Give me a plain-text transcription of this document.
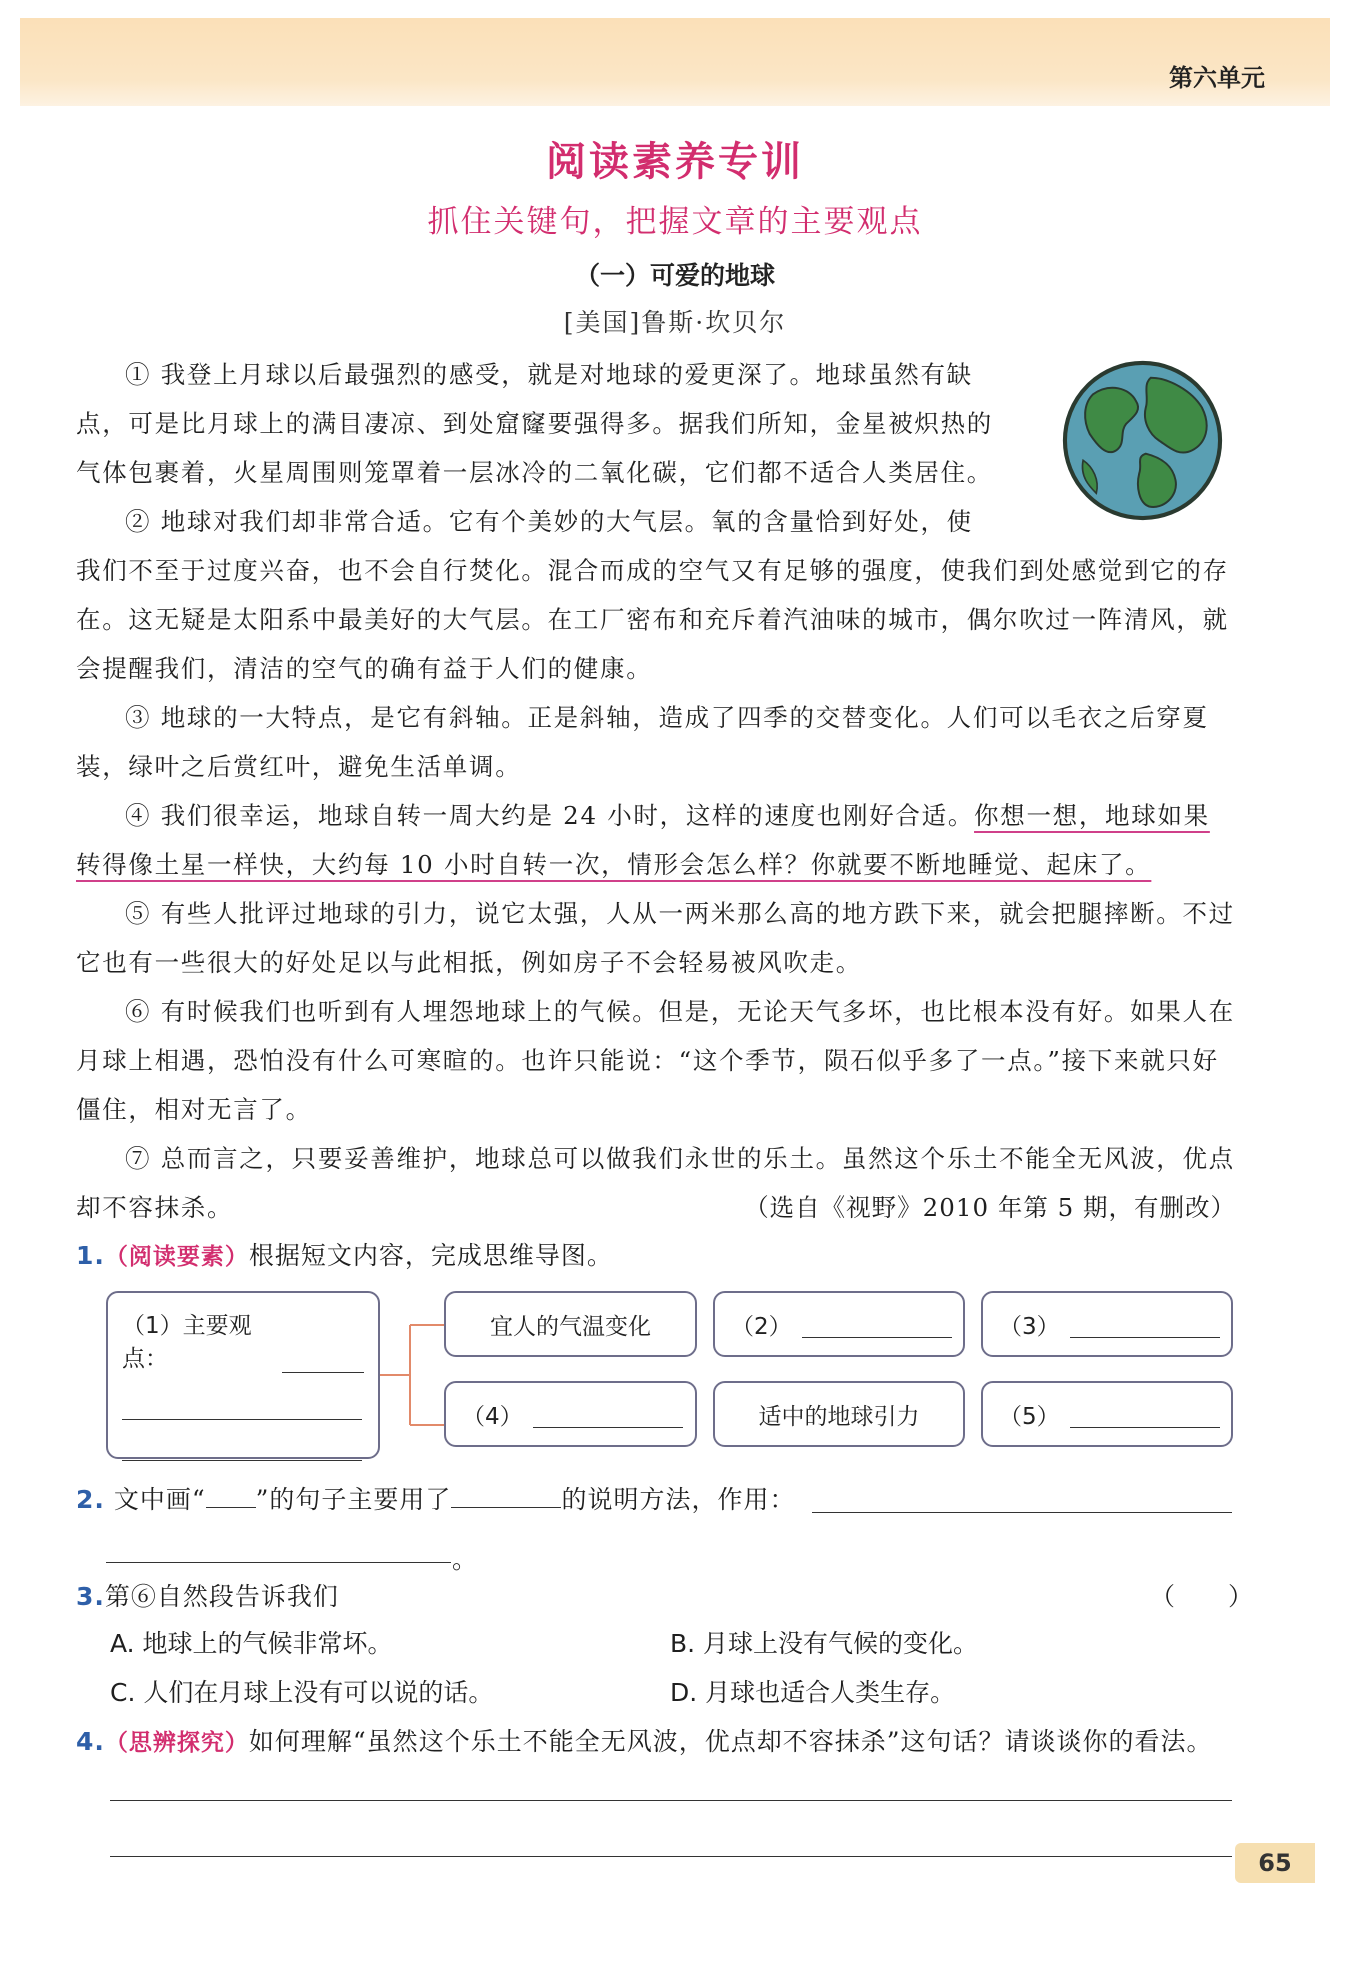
第六单元
阅读素养专训
抓住关键句，把握文章的主要观点
（一）可爱的地球
[美国]鲁斯·坎贝尔

① 我登上月球以后最强烈的感受，就是对地球的爱更深了。地球虽然有缺

点，可是比月球上的满目凄凉、到处窟窿要强得多。据我们所知，金星被炽热的

气体包裹着，火星周围则笼罩着一层冰冷的二氧化碳，它们都不适合人类居住。

② 地球对我们却非常合适。它有个美妙的大气层。氧的含量恰到好处，使

我们不至于过度兴奋，也不会自行焚化。混合而成的空气又有足够的强度，使我们到处感觉到它的存在。这无疑是太阳系中最美好的大气层。在工厂密布和充斥着汽油味的城市，偶尔吹过一阵清风，就会提醒我们，清洁的空气的确有益于人们的健康。

③ 地球的一大特点，是它有斜轴。正是斜轴，造成了四季的交替变化。人们可以毛衣之后穿夏装，绿叶之后赏红叶，避免生活单调。

④ 我们很幸运，地球自转一周大约是 24 小时，这样的速度也刚好合适。你想一想，地球如果转得像土星一样快，大约每 10 小时自转一次，情形会怎么样？你就要不断地睡觉、起床了。

⑤ 有些人批评过地球的引力，说它太强，人从一两米那么高的地方跌下来，就会把腿摔断。不过它也有一些很大的好处足以与此相抵，例如房子不会轻易被风吹走。

⑥ 有时候我们也听到有人埋怨地球上的气候。但是，无论天气多坏，也比根本没有好。如果人在月球上相遇，恐怕没有什么可寒暄的。也许只能说：“这个季节，陨石似乎多了一点。”接下来就只好僵住，相对无言了。

⑦ 总而言之，只要妥善维护，地球总可以做我们永世的乐土。虽然这个乐土不能全无风波，优点却不容抹杀。	（选自《视野》2010 年第 5 期，有删改）

1.（阅读要素）根据短文内容，完成思维导图。
（1）主要观点：

宜人的气温变化	（2）	（3）
（4）	适中的地球引力	（5）
2. 文中画“ ”的句子主要用了	的说明方法，作用：
。
3.第⑥自然段告诉我们	（　　）
A. 地球上的气候非常坏。	B. 月球上没有气候的变化。
C. 人们在月球上没有可以说的话。	D. 月球也适合人类生存。
4.（思辨探究）如何理解“虽然这个乐土不能全无风波，优点却不容抹杀”这句话？请谈谈你的看法。
65
